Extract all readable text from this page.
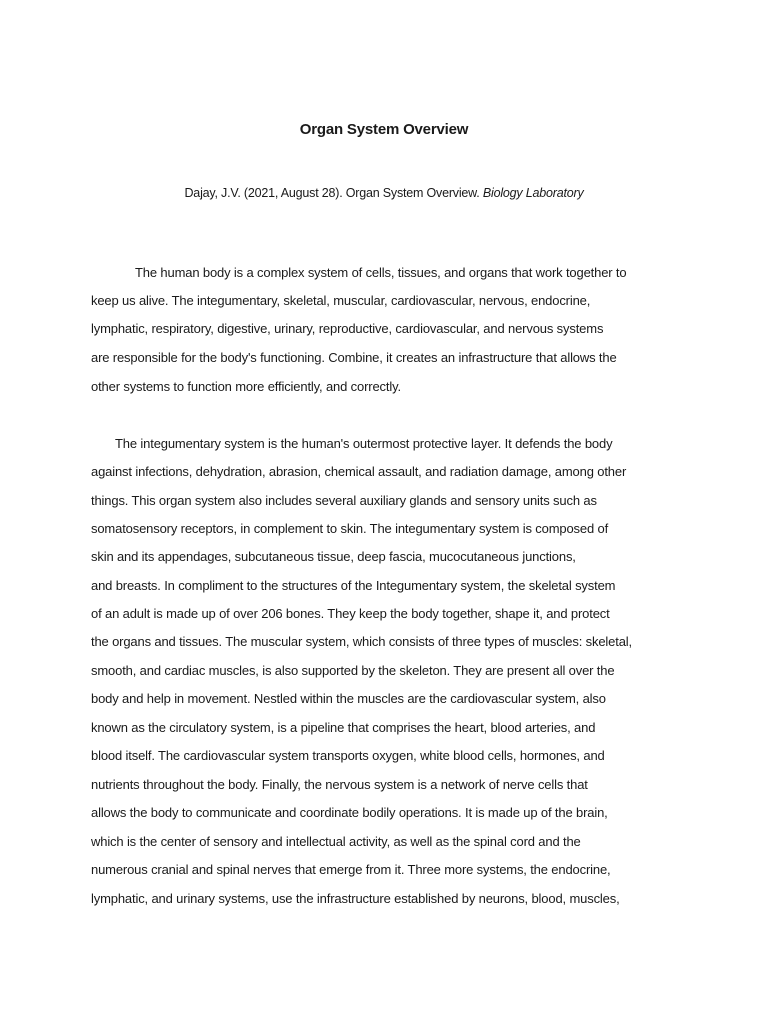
Organ System Overview
Dajay, J.V. (2021, August 28). Organ System Overview. Biology Laboratory
The human body is a complex system of cells, tissues, and organs that work together to
keep us alive. The integumentary, skeletal, muscular, cardiovascular, nervous, endocrine,
lymphatic, respiratory, digestive, urinary, reproductive, cardiovascular, and nervous systems
are responsible for the body's functioning. Combine, it creates an infrastructure that allows the
other systems to function more efficiently, and correctly.
The integumentary system is the human's outermost protective layer. It defends the body
against infections, dehydration, abrasion, chemical assault, and radiation damage, among other
things. This organ system also includes several auxiliary glands and sensory units such as
somatosensory receptors, in complement to skin. The integumentary system is composed of
skin and its appendages, subcutaneous tissue, deep fascia, mucocutaneous junctions,
and breasts. In compliment to the structures of the Integumentary system, the skeletal system
of an adult is made up of over 206 bones. They keep the body together, shape it, and protect
the organs and tissues. The muscular system, which consists of three types of muscles: skeletal,
smooth, and cardiac muscles, is also supported by the skeleton. They are present all over the
body and help in movement. Nestled within the muscles are the cardiovascular system, also
known as the circulatory system, is a pipeline that comprises the heart, blood arteries, and
blood itself. The cardiovascular system transports oxygen, white blood cells, hormones, and
nutrients throughout the body. Finally, the nervous system is a network of nerve cells that
allows the body to communicate and coordinate bodily operations. It is made up of the brain,
which is the center of sensory and intellectual activity, as well as the spinal cord and the
numerous cranial and spinal nerves that emerge from it. Three more systems, the endocrine,
lymphatic, and urinary systems, use the infrastructure established by neurons, blood, muscles,
